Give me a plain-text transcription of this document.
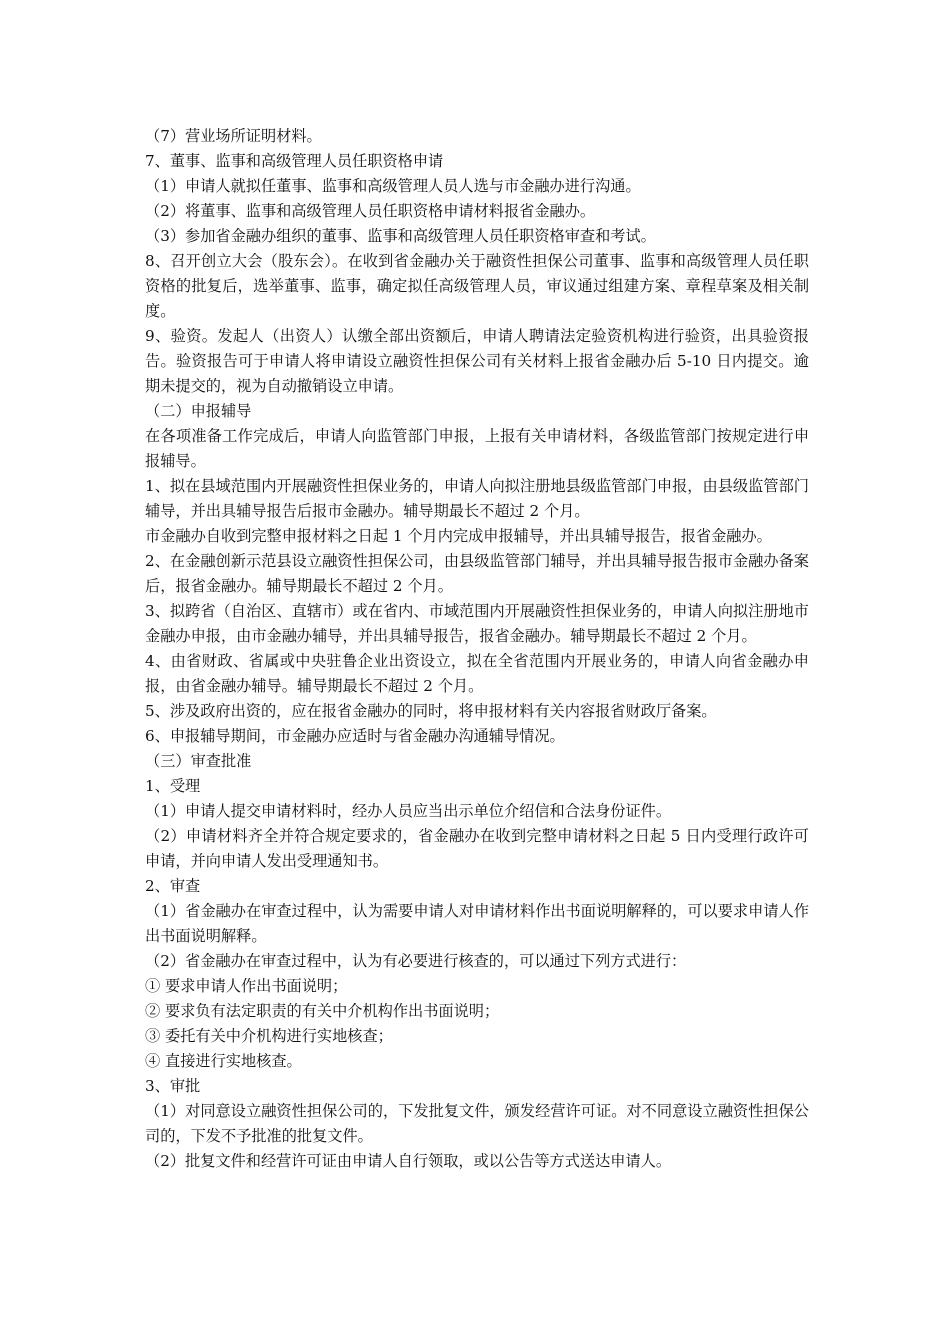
（7）营业场所证明材料。

7、董事、监事和高级管理人员任职资格申请

（1）申请人就拟任董事、监事和高级管理人员人选与市金融办进行沟通。

（2）将董事、监事和高级管理人员任职资格申请材料报省金融办。

（3）参加省金融办组织的董事、监事和高级管理人员任职资格审查和考试。

8、召开创立大会（股东会）。在收到省金融办关于融资性担保公司董事、监事和高级管理人员任职资格的批复后，选举董事、监事，确定拟任高级管理人员，审议通过组建方案、章程草案及相关制度。

9、验资。发起人（出资人）认缴全部出资额后，申请人聘请法定验资机构进行验资，出具验资报告。验资报告可于申请人将申请设立融资性担保公司有关材料上报省金融办后 5-10 日内提交。逾期未提交的，视为自动撤销设立申请。

（二）申报辅导

在各项准备工作完成后，申请人向监管部门申报，上报有关申请材料，各级监管部门按规定进行申报辅导。

1、拟在县域范围内开展融资性担保业务的，申请人向拟注册地县级监管部门申报，由县级监管部门辅导，并出具辅导报告后报市金融办。辅导期最长不超过 2 个月。

市金融办自收到完整申报材料之日起 1 个月内完成申报辅导，并出具辅导报告，报省金融办。

2、在金融创新示范县设立融资性担保公司，由县级监管部门辅导，并出具辅导报告报市金融办备案后，报省金融办。辅导期最长不超过 2 个月。

3、拟跨省（自治区、直辖市）或在省内、市域范围内开展融资性担保业务的，申请人向拟注册地市金融办申报，由市金融办辅导，并出具辅导报告，报省金融办。辅导期最长不超过 2 个月。

4、由省财政、省属或中央驻鲁企业出资设立，拟在全省范围内开展业务的，申请人向省金融办申报，由省金融办辅导。辅导期最长不超过 2 个月。

5、涉及政府出资的，应在报省金融办的同时，将申报材料有关内容报省财政厅备案。

6、申报辅导期间，市金融办应适时与省金融办沟通辅导情况。

（三）审查批准

1、受理

（1）申请人提交申请材料时，经办人员应当出示单位介绍信和合法身份证件。

（2）申请材料齐全并符合规定要求的，省金融办在收到完整申请材料之日起 5 日内受理行政许可申请，并向申请人发出受理通知书。

2、审查

（1）省金融办在审查过程中，认为需要申请人对申请材料作出书面说明解释的，可以要求申请人作出书面说明解释。

（2）省金融办在审查过程中，认为有必要进行核查的，可以通过下列方式进行：

① 要求申请人作出书面说明；

② 要求负有法定职责的有关中介机构作出书面说明；

③ 委托有关中介机构进行实地核查；

④ 直接进行实地核查。

3、审批

（1）对同意设立融资性担保公司的，下发批复文件，颁发经营许可证。对不同意设立融资性担保公司的，下发不予批准的批复文件。

（2）批复文件和经营许可证由申请人自行领取，或以公告等方式送达申请人。
